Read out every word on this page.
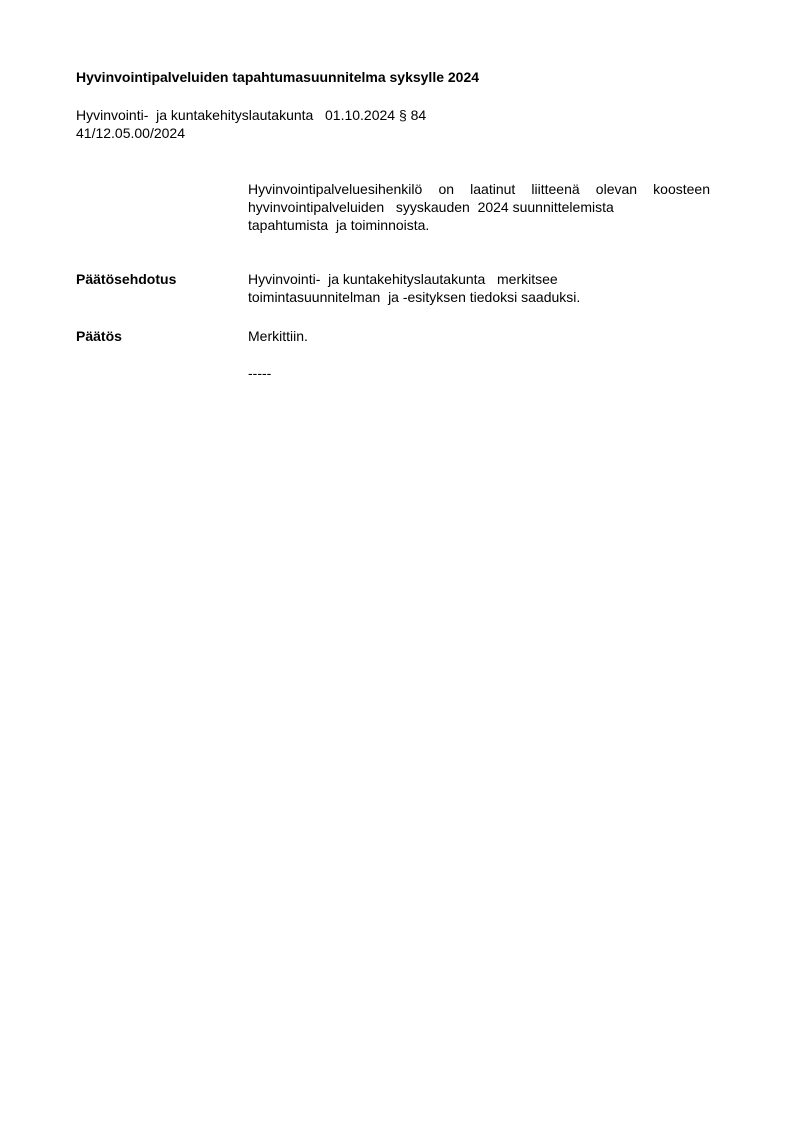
Hyvinvointipalveluiden tapahtumasuunnitelma syksylle 2024
Hyvinvointi-  ja kuntakehityslautakunta   01.10.2024 § 84
41/12.05.00/2024
Hyvinvointipalveluesihenkilö on laatinut liitteenä olevan koosteen
hyvinvointipalveluiden   syyskauden  2024 suunnittelemista
tapahtumista  ja toiminnoista.
Päätösehdotus	Hyvinvointi-  ja kuntakehityslautakunta   merkitsee
toimintasuunnitelman  ja -esityksen tiedoksi saaduksi.
Päätös	Merkittiin.
-----
